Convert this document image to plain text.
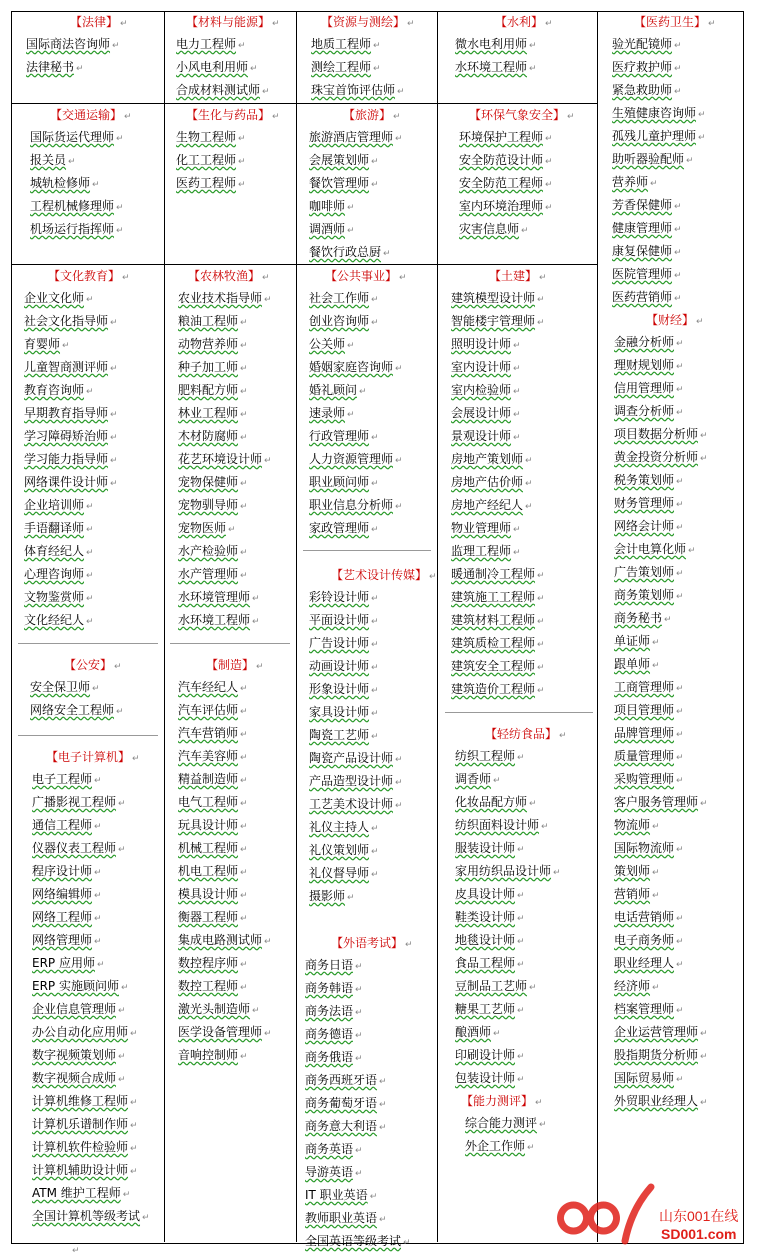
【法律】 ↵
国际商法咨询师 ↵
法律秘书 ↵
【材料与能源】 ↵
电力工程师 ↵
小风电利用师 ↵
合成材料测试师 ↵
【资源与测绘】 ↵
地质工程师 ↵
测绘工程师 ↵
珠宝首饰评估师 ↵
【水利】 ↵
微水电利用师 ↵
水环境工程师 ↵
【交通运输】 ↵
国际货运代理师 ↵
报关员 ↵
城轨检修师 ↵
工程机械修理师 ↵
机场运行指挥师 ↵
【生化与药品】 ↵
生物工程师 ↵
化工工程师 ↵
医药工程师 ↵
【旅游】 ↵
旅游酒店管理师 ↵
会展策划师 ↵
餐饮管理师 ↵
咖啡师 ↵
调酒师 ↵
餐饮行政总厨 ↵
【环保气象安全】 ↵
环境保护工程师 ↵
安全防范设计师 ↵
安全防范工程师 ↵
室内环境治理师 ↵
灾害信息师 ↵
【文化教育】 ↵
企业文化师 ↵
社会文化指导师 ↵
育婴师 ↵
儿童智商测评师 ↵
教育咨询师 ↵
早期教育指导师 ↵
学习障碍矫治师 ↵
学习能力指导师 ↵
网络课件设计师 ↵
企业培训师 ↵
手语翻译师 ↵
体育经纪人 ↵
心理咨询师 ↵
文物鉴赏师 ↵
文化经纪人 ↵
【公安】 ↵
安全保卫师 ↵
网络安全工程师 ↵
【电子计算机】 ↵
电子工程师 ↵
广播影视工程师 ↵
通信工程师 ↵
仪器仪表工程师 ↵
程序设计师 ↵
网络编辑师 ↵
网络工程师 ↵
网络管理师 ↵
ERP 应用师 ↵
ERP 实施顾问师 ↵
企业信息管理师 ↵
办公自动化应用师 ↵
数字视频策划师 ↵
数字视频合成师 ↵
计算机维修工程师 ↵
计算机乐谱制作师 ↵
计算机软件检验师 ↵
计算机辅助设计师 ↵
ATM 维护工程师 ↵
全国计算机等级考试 ↵
【农林牧渔】 ↵
农业技术指导师 ↵
粮油工程师 ↵
动物营养师 ↵
种子加工师 ↵
肥料配方师 ↵
林业工程师 ↵
木材防腐师 ↵
花艺环境设计师 ↵
宠物保健师 ↵
宠物驯导师 ↵
宠物医师 ↵
水产检验师 ↵
水产管理师 ↵
水环境管理师 ↵
水环境工程师 ↵
【制造】 ↵
汽车经纪人 ↵
汽车评估师 ↵
汽车营销师 ↵
汽车美容师 ↵
精益制造师 ↵
电气工程师 ↵
玩具设计师 ↵
机械工程师 ↵
机电工程师 ↵
模具设计师 ↵
衡器工程师 ↵
集成电路测试师 ↵
数控程序师 ↵
数控工程师 ↵
激光头制造师 ↵
医学设备管理师 ↵
音响控制师 ↵
【公共事业】 ↵
社会工作师 ↵
创业咨询师 ↵
公关师 ↵
婚姻家庭咨询师 ↵
婚礼顾问 ↵
速录师 ↵
行政管理师 ↵
人力资源管理师 ↵
职业顾问师 ↵
职业信息分析师 ↵
家政管理师 ↵
【艺术设计传媒】 ↵
彩铃设计师 ↵
平面设计师 ↵
广告设计师 ↵
动画设计师 ↵
形象设计师 ↵
家具设计师 ↵
陶瓷工艺师 ↵
陶瓷产品设计师 ↵
产品造型设计师 ↵
工艺美术设计师 ↵
礼仪主持人 ↵
礼仪策划师 ↵
礼仪督导师 ↵
摄影师 ↵
【外语考试】 ↵
商务日语 ↵
商务韩语 ↵
商务法语 ↵
商务德语 ↵
商务俄语 ↵
商务西班牙语 ↵
商务葡萄牙语 ↵
商务意大利语 ↵
商务英语 ↵
导游英语 ↵
IT 职业英语 ↵
教师职业英语 ↵
全国英语等级考试 ↵
【土建】 ↵
建筑模型设计师 ↵
智能楼宇管理师 ↵
照明设计师 ↵
室内设计师 ↵
室内检验师 ↵
会展设计师 ↵
景观设计师 ↵
房地产策划师 ↵
房地产估价师 ↵
房地产经纪人 ↵
物业管理师 ↵
监理工程师 ↵
暖通制冷工程师 ↵
建筑施工工程师 ↵
建筑材料工程师 ↵
建筑质检工程师 ↵
建筑安全工程师 ↵
建筑造价工程师 ↵
【轻纺食品】 ↵
纺织工程师 ↵
调香师 ↵
化妆品配方师 ↵
纺织面料设计师 ↵
服装设计师 ↵
家用纺织品设计师 ↵
皮具设计师 ↵
鞋类设计师 ↵
地毯设计师 ↵
食品工程师 ↵
豆制品工艺师 ↵
糖果工艺师 ↵
酿酒师 ↵
印刷设计师 ↵
包装设计师 ↵
【能力测评】 ↵
综合能力测评 ↵
外企工作师 ↵
【医药卫生】 ↵
验光配镜师 ↵
医疗救护师 ↵
紧急救助师 ↵
生殖健康咨询师 ↵
孤残儿童护理师 ↵
助听器验配师 ↵
营养师 ↵
芳香保健师 ↵
健康管理师 ↵
康复保健师 ↵
医院管理师 ↵
医药营销师 ↵
【财经】 ↵
金融分析师 ↵
理财规划师 ↵
信用管理师 ↵
调查分析师 ↵
项目数据分析师 ↵
黄金投资分析师 ↵
税务策划师 ↵
财务管理师 ↵
网络会计师 ↵
会计电算化师 ↵
广告策划师 ↵
商务策划师 ↵
商务秘书 ↵
单证师 ↵
跟单师 ↵
工商管理师 ↵
项目管理师 ↵
品牌管理师 ↵
质量管理师 ↵
采购管理师 ↵
客户服务管理师 ↵
物流师 ↵
国际物流师 ↵
策划师 ↵
营销师 ↵
电话营销师 ↵
电子商务师 ↵
职业经理人 ↵
经济师 ↵
档案管理师 ↵
企业运营管理师 ↵
股指期货分析师 ↵
国际贸易师 ↵
外贸职业经理人 ↵
山东001在线
SD001.com
↵
